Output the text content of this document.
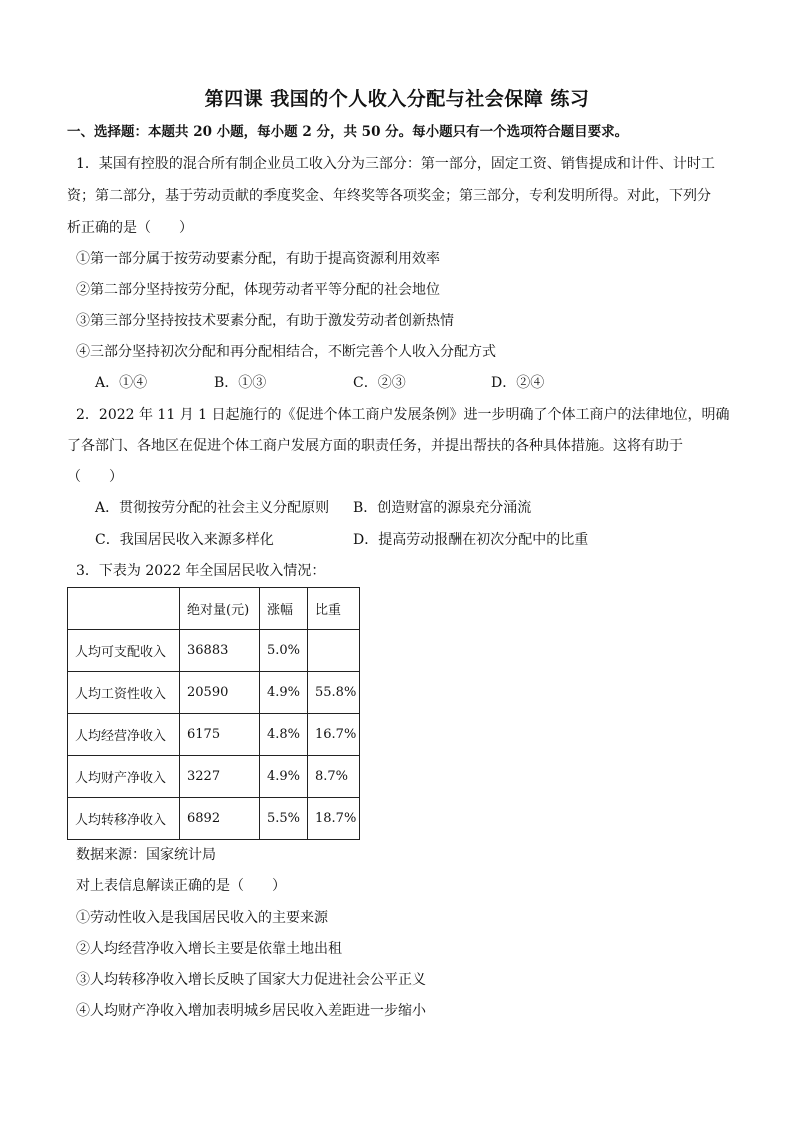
第四课 我国的个人收入分配与社会保障 练习
一、选择题：本题共 20 小题，每小题 2 分，共 50 分。每小题只有一个选项符合题目要求。
1．某国有控股的混合所有制企业员工收入分为三部分：第一部分，固定工资、销售提成和计件、计时工
资；第二部分，基于劳动贡献的季度奖金、年终奖等各项奖金；第三部分，专利发明所得。对此，下列分
析正确的是（　　）
①第一部分属于按劳动要素分配，有助于提高资源利用效率
②第二部分坚持按劳分配，体现劳动者平等分配的社会地位
③第三部分坚持按技术要素分配，有助于激发劳动者创新热情
④三部分坚持初次分配和再分配相结合，不断完善个人收入分配方式
A．①④	B．①③	C．②③	D．②④
2．2022 年 11 月 1 日起施行的《促进个体工商户发展条例》进一步明确了个体工商户的法律地位，明确
了各部门、各地区在促进个体工商户发展方面的职责任务，并提出帮扶的各种具体措施。这将有助于
（　　）
A．贯彻按劳分配的社会主义分配原则 B．创造财富的源泉充分涌流
C．我国居民收入来源多样化	D．提高劳动报酬在初次分配中的比重
3．下表为 2022 年全国居民收入情况：
	绝对量(元)	涨幅	比重
人均可支配收入	36883	5.0%	
人均工资性收入	20590	4.9%	55.8%
人均经营净收入	6175	4.8%	16.7%
人均财产净收入	3227	4.9%	8.7%
人均转移净收入	6892	5.5%	18.7%
数据来源：国家统计局
对上表信息解读正确的是（　　）
①劳动性收入是我国居民收入的主要来源
②人均经营净收入增长主要是依靠土地出租
③人均转移净收入增长反映了国家大力促进社会公平正义
④人均财产净收入增加表明城乡居民收入差距进一步缩小
